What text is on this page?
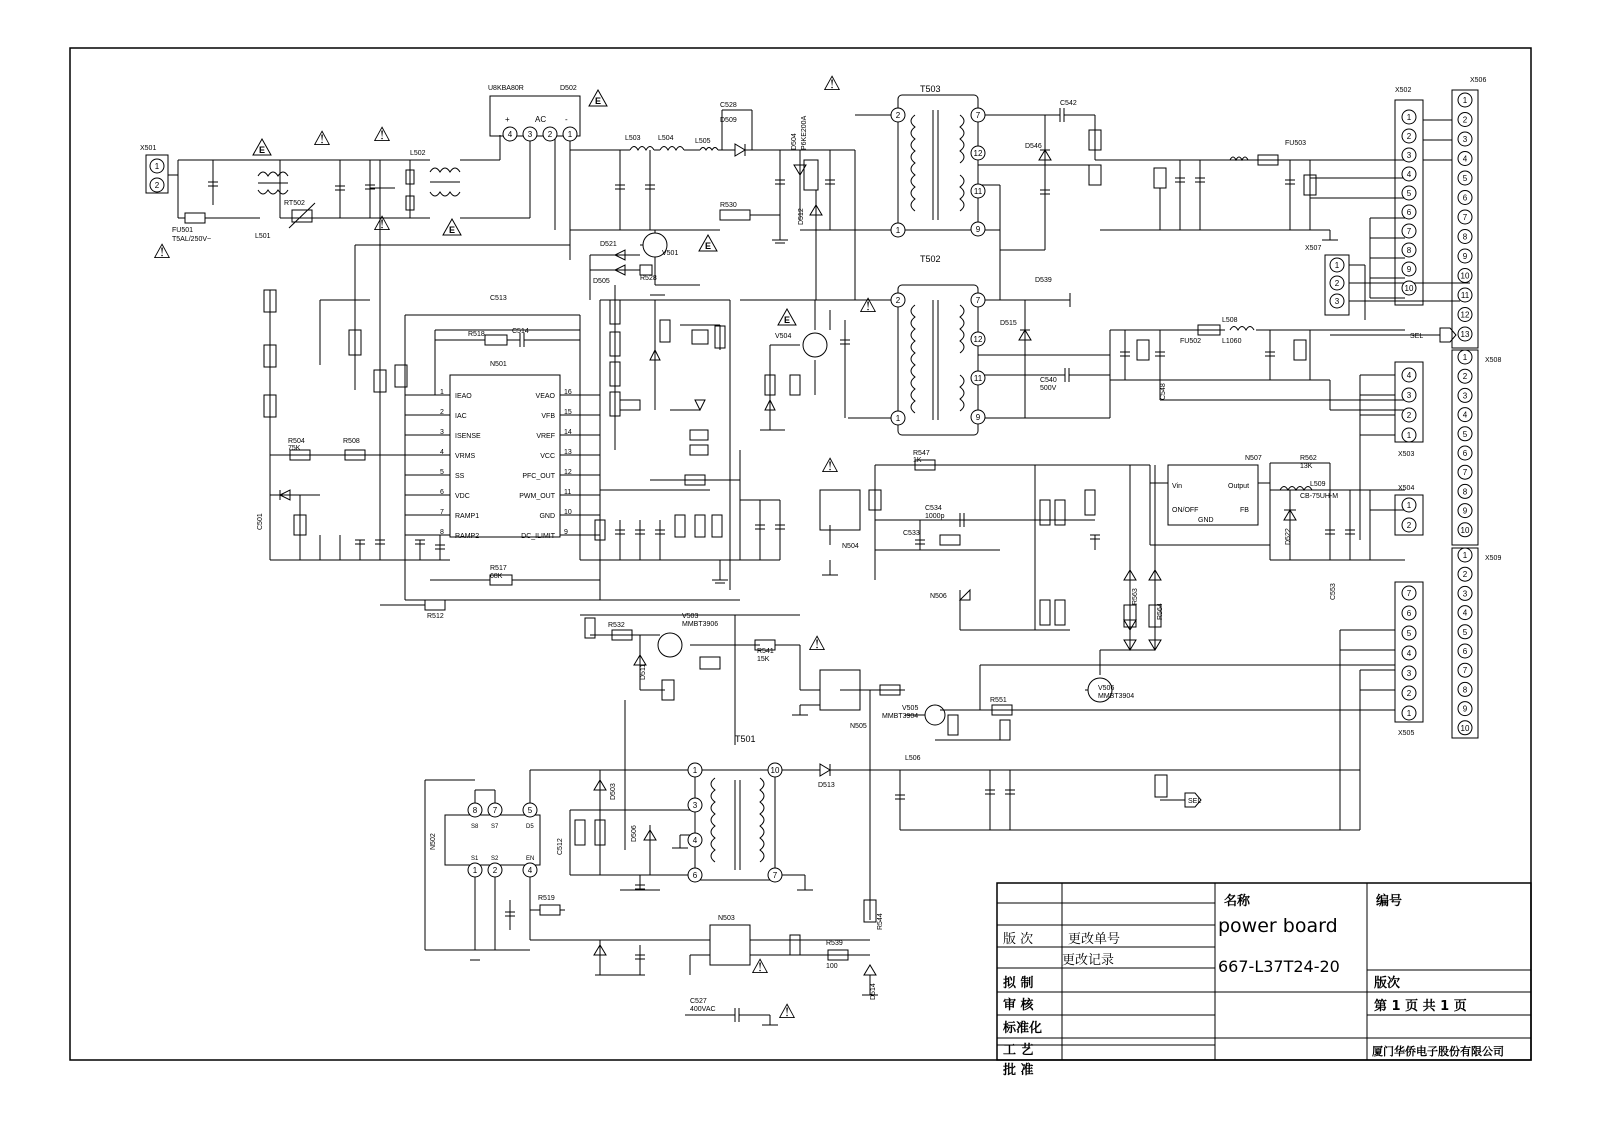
1
2
3
4
5
6
7
8
9
10
1
2
3
4
5
6
7
8
9
10
11
12
13
1
2
3
1
2
3
4
5
6
7
8
9
10
4
3
2
1
1
2
1
2
3
4
5
6
7
8
9
10
7
6
5
4
3
2
1
1
2
2
1
7
12
11
9
2
1
7
12
11
9
1
3
4
6
10
7
4 3 2 1
+	AC -
8
S8
7
S7
5
D5
1
S1
2
S2
4
EN
1
IEAO
2
IAC
3
ISENSE
4
VRMS
5
SS
6
VDC
7
RAMP1
8
RAMP2
16
VEAO
15
VFB
14
VREF
13
VCC
12
PFC_OUT
11
PWM_OUT
10
GND
9
DC_ILIMIT
X501
FU501
T5AL/250V~	L501
RT502
L502
U8KBA80R	D502
L503 L504	L505
C528
D509
R530
V501
D521
D505	R528
C513
C514
R518
N501
T503
T502
T501
C542
D546	FU503
X502
X506
X507
SEL
X508
X503
N507
Vin	Output
ON/OFF
GND
FB
R562
13K
L509
CB-75UH-M
X504
X509
X505
SEL
V504
D539
D515
C540
500V
FU502
L508
L1060
N504
R547
1K
C534
1000p
C533
N506
V506
MMBT3904
V505
MMBT3904
R551
N505
R541
15K
V503
MMBT3906
R532
R512
R517
68K
L506
D513
N503
R539
100
C527
400VAC
R519
R504
75K
R508
N502
D503
D506
C512
D514
R544
D512
D504 P6KE200A
C548
D522
C553
R563
R564
D511
C501
⚠ ⚠
⚠
⚠
⚠
⚠
⚠
⚠
⚠
⚠
E
E
E
E
E
名称
power board
667-L37T24-20
编号
版次
版 次	更改单号
更改记录
拟 制
审 核
标准化
工 艺
批 准
第 1 页 共 1 页
厦门华侨电子股份有限公司
